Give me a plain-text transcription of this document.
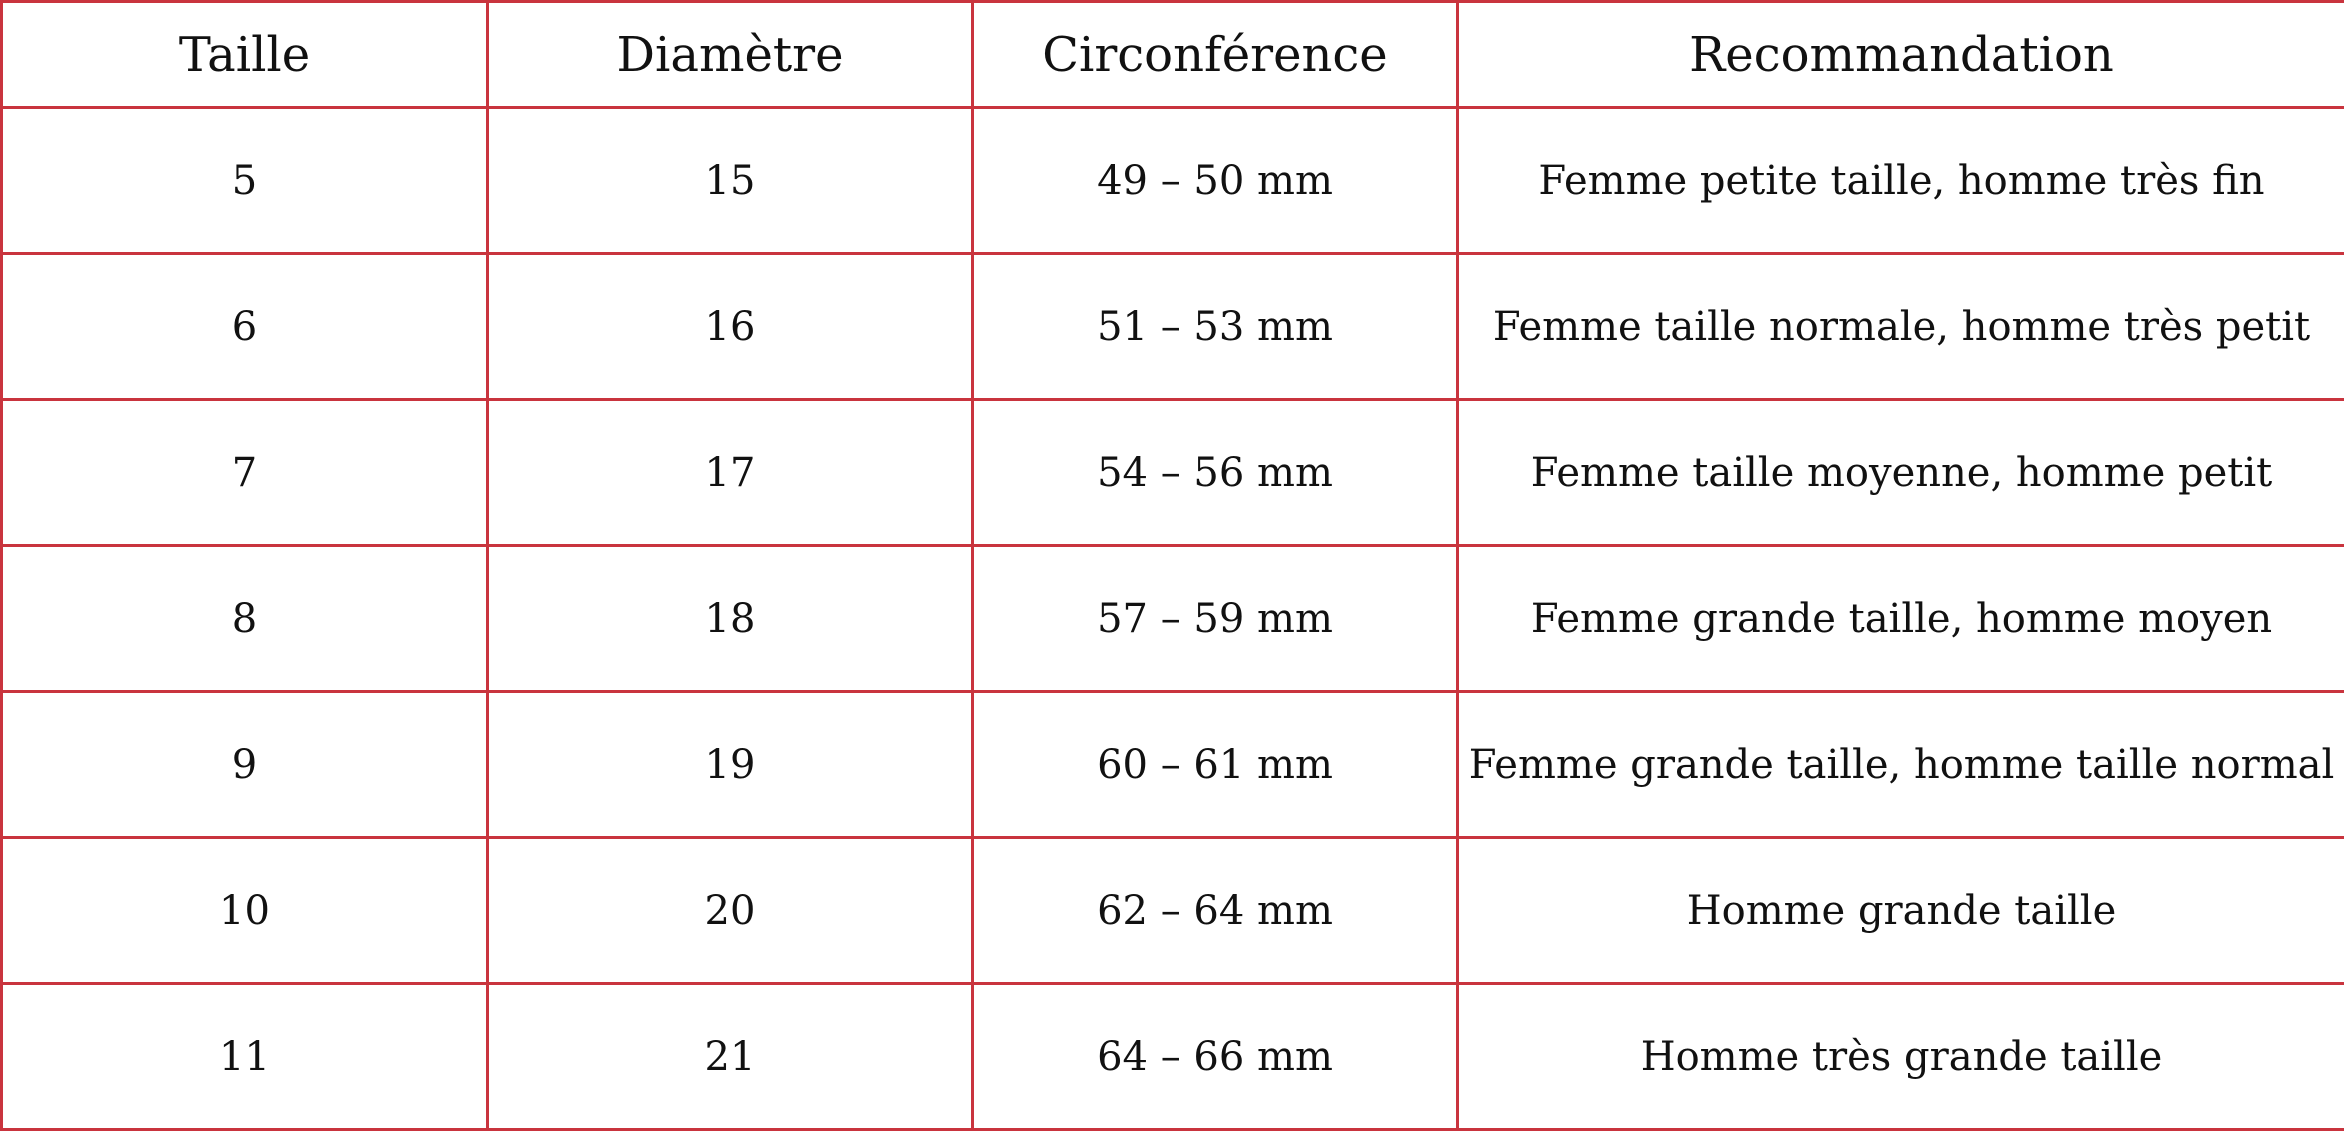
Taille	Diamètre	Circonférence	Recommandation
5	15	49 – 50 mm	Femme petite taille, homme très fin
6	16	51 – 53 mm	Femme taille normale, homme très petit
7	17	54 – 56 mm	Femme taille moyenne, homme petit
8	18	57 – 59 mm	Femme grande taille, homme moyen
9	19	60 – 61 mm	Femme grande taille, homme taille normal
10	20	62 – 64 mm	Homme grande taille
11	21	64 – 66 mm	Homme très grande taille
